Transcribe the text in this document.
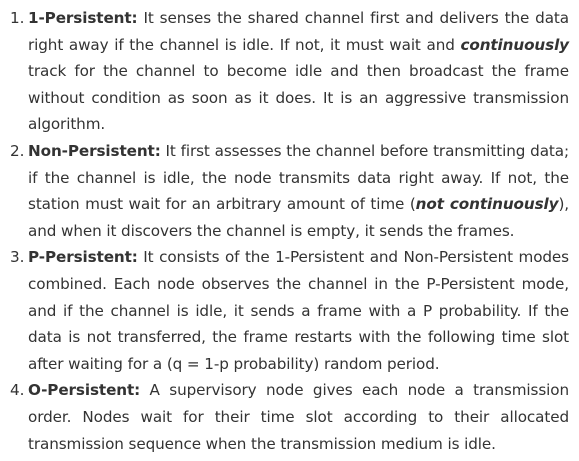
1. 1-Persistent: It senses the shared channel first and delivers the data right away if the channel is idle. If not, it must wait and continuously track for the channel to become idle and then broadcast the frame without condition as soon as it does. It is an aggressive transmission algorithm.
2. Non-Persistent: It first assesses the channel before transmitting data; if the channel is idle, the node transmits data right away. If not, the station must wait for an arbitrary amount of time (not continuously), and when it discovers the channel is empty, it sends the frames.
3. P-Persistent: It consists of the 1-Persistent and Non-Persistent modes combined. Each node observes the channel in the P-Persistent mode, and if the channel is idle, it sends a frame with a P probability. If the data is not transferred, the frame restarts with the following time slot after waiting for a (q = 1-p probability) random period.
4. O-Persistent: A supervisory node gives each node a transmission order. Nodes wait for their time slot according to their allocated transmission sequence when the transmission medium is idle.
